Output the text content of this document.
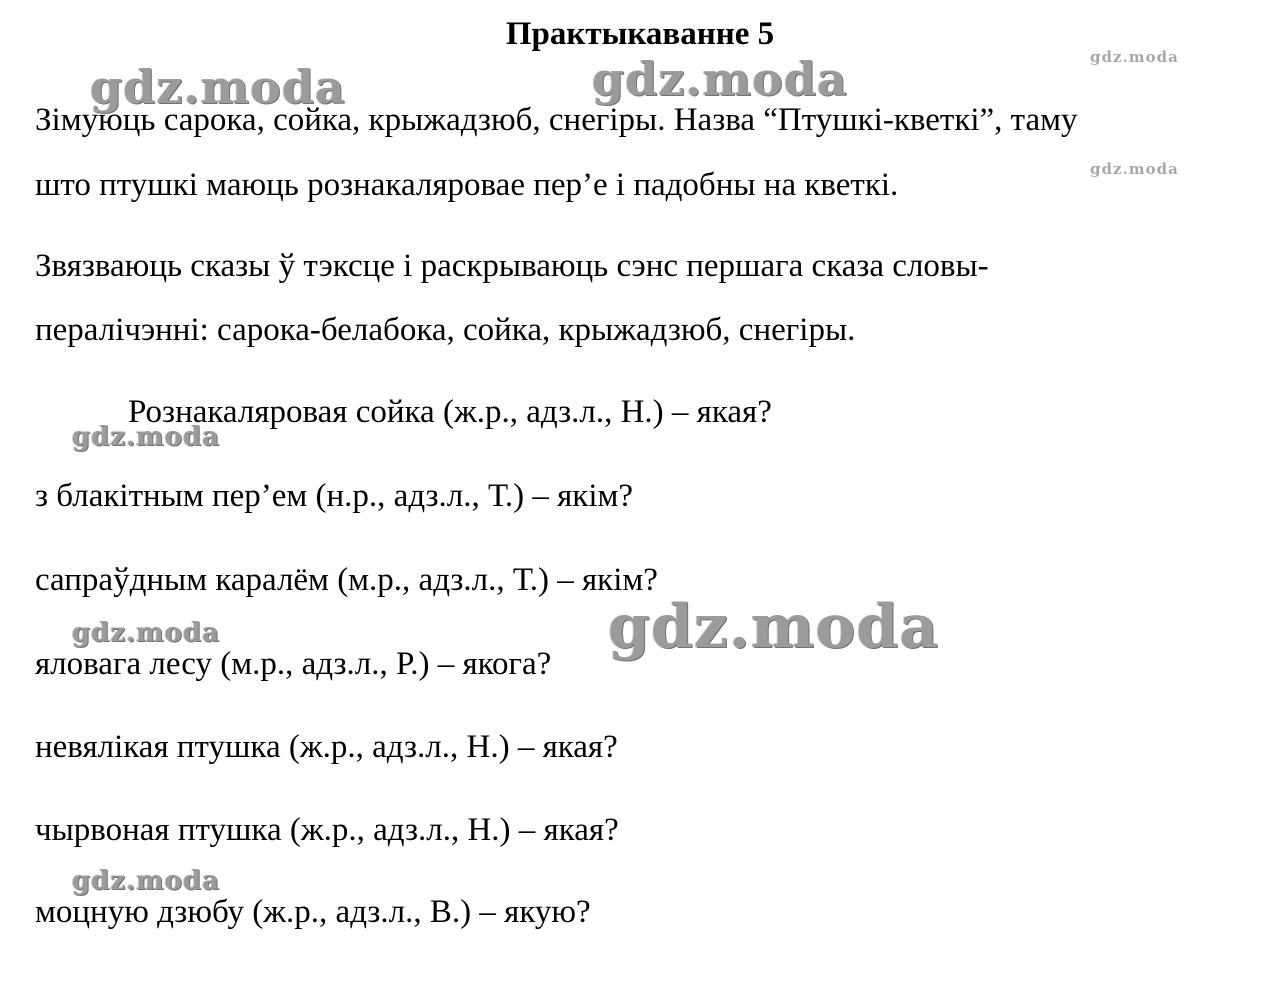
Практыкаванне 5
Зімуюць сарока, сойка, крыжадзюб, снегіры. Назва “Птушкі-кветкі”, таму
што птушкі маюць рознакаляровае пер’е і падобны на кветкі.
Звязваюць сказы ў тэксце і раскрываюць сэнс першага сказа словы-
пералічэнні: сарока-белабока, сойка, крыжадзюб, снегіры.
Рознакаляровая сойка (ж.р., адз.л., Н.) – якая?
з блакітным пер’ем (н.р., адз.л., Т.) – якім?
сапраўдным каралём (м.р., адз.л., Т.) – якім?
яловага лесу (м.р., адз.л., Р.) – якога?
невялікая птушка (ж.р., адз.л., Н.) – якая?
чырвоная птушка (ж.р., адз.л., Н.) – якая?
моцную дзюбу (ж.р., адз.л., В.) – якую?
gdz.moda	gdz.moda	gdz.moda
gdz.moda
gdz.moda
gdz.moda
gdz.moda
gdz.moda
